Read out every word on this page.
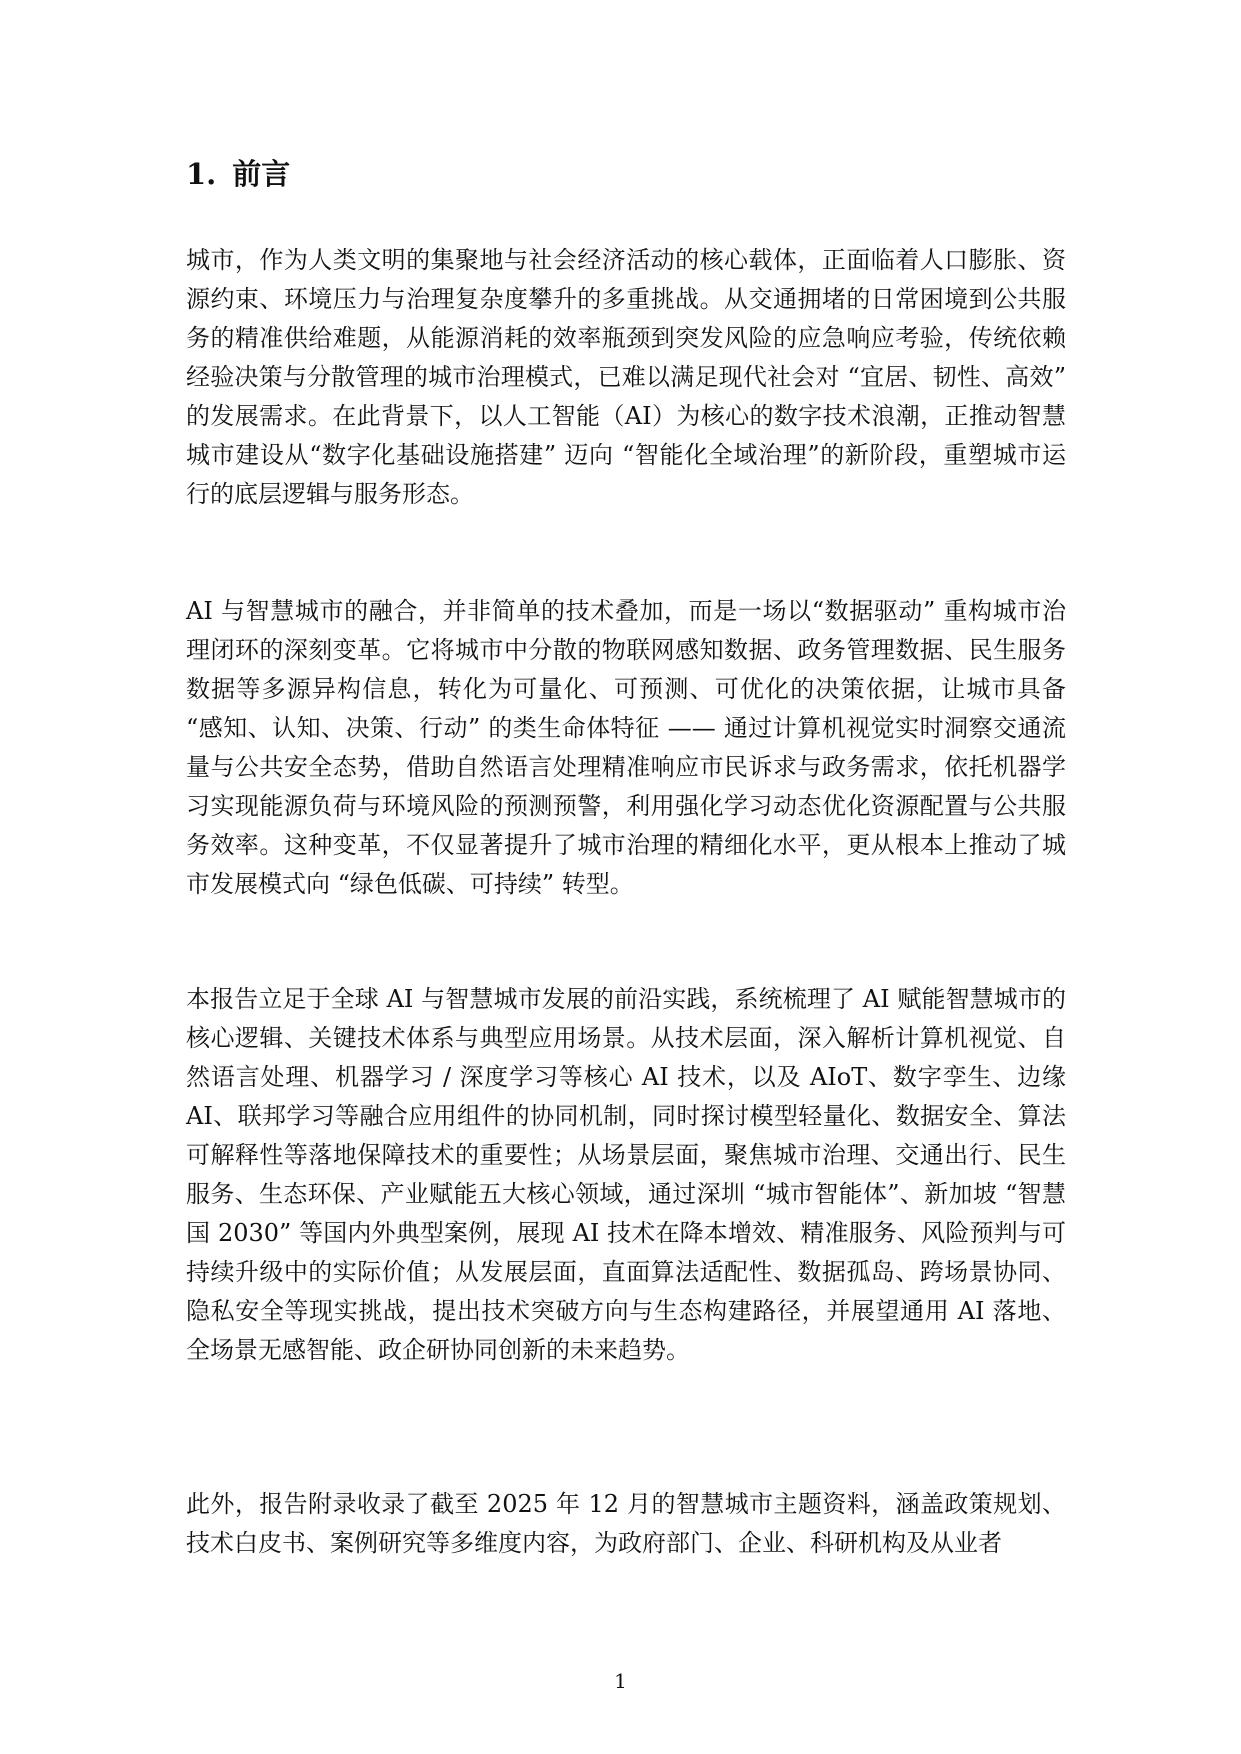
1. 前言

城市，作为人类文明的集聚地与社会经济活动的核心载体，正面临着人口膨胀、资源约束、环境压力与治理复杂度攀升的多重挑战。从交通拥堵的日常困境到公共服务的精准供给难题，从能源消耗的效率瓶颈到突发风险的应急响应考验，传统依赖经验决策与分散管理的城市治理模式，已难以满足现代社会对 “宜居、韧性、高效” 的发展需求。在此背景下，以人工智能（AI）为核心的数字技术浪潮，正推动智慧城市建设从“数字化基础设施搭建” 迈向 “智能化全域治理”的新阶段，重塑城市运行的底层逻辑与服务形态。

AI 与智慧城市的融合，并非简单的技术叠加，而是一场以“数据驱动” 重构城市治理闭环的深刻变革。它将城市中分散的物联网感知数据、政务管理数据、民生服务数据等多源异构信息，转化为可量化、可预测、可优化的决策依据，让城市具备 “感知、认知、决策、行动” 的类生命体特征 —— 通过计算机视觉实时洞察交通流量与公共安全态势，借助自然语言处理精准响应市民诉求与政务需求，依托机器学习实现能源负荷与环境风险的预测预警，利用强化学习动态优化资源配置与公共服务效率。这种变革，不仅显著提升了城市治理的精细化水平，更从根本上推动了城市发展模式向 “绿色低碳、可持续” 转型。

本报告立足于全球 AI 与智慧城市发展的前沿实践，系统梳理了 AI 赋能智慧城市的核心逻辑、关键技术体系与典型应用场景。从技术层面，深入解析计算机视觉、自然语言处理、机器学习 / 深度学习等核心 AI 技术，以及 AIoT、数字孪生、边缘 AI、联邦学习等融合应用组件的协同机制，同时探讨模型轻量化、数据安全、算法可解释性等落地保障技术的重要性；从场景层面，聚焦城市治理、交通出行、民生服务、生态环保、产业赋能五大核心领域，通过深圳 “城市智能体”、新加坡 “智慧国 2030” 等国内外典型案例，展现 AI 技术在降本增效、精准服务、风险预判与可持续升级中的实际价值；从发展层面，直面算法适配性、数据孤岛、跨场景协同、隐私安全等现实挑战，提出技术突破方向与生态构建路径，并展望通用 AI 落地、全场景无感智能、政企研协同创新的未来趋势。

此外，报告附录收录了截至 2025 年 12 月的智慧城市主题资料，涵盖政策规划、技术白皮书、案例研究等多维度内容，为政府部门、企业、科研机构及从业者

1
